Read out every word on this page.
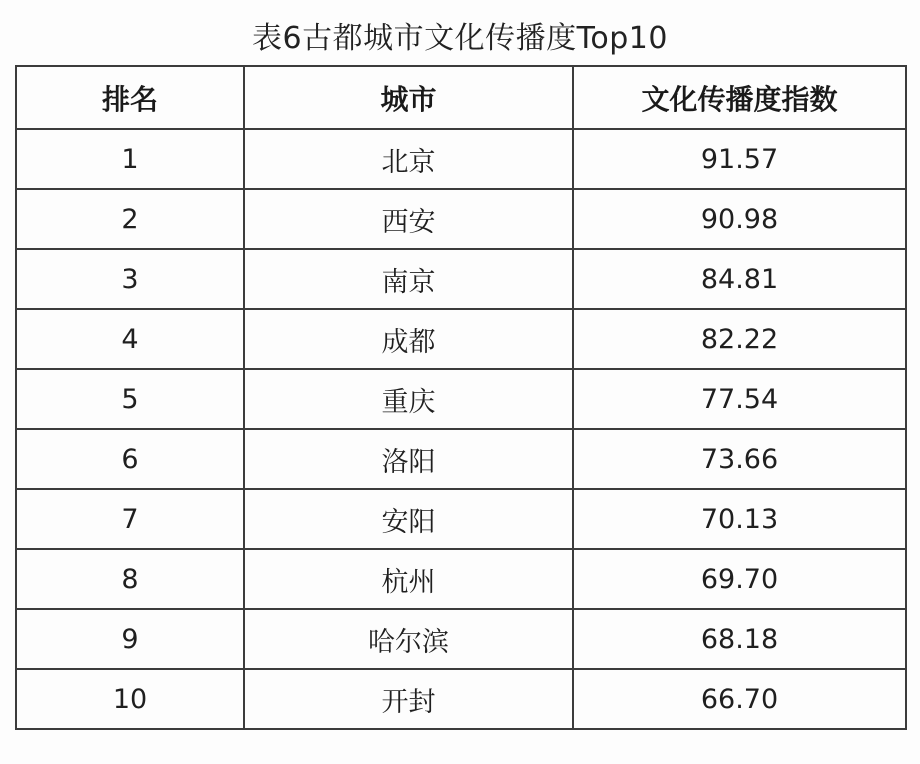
表6古都城市文化传播度Top10
排名	城市	文化传播度指数
1	北京	91.57
2	西安	90.98
3	南京	84.81
4	成都	82.22
5	重庆	77.54
6	洛阳	73.66
7	安阳	70.13
8	杭州	69.70
9	哈尔滨	68.18
10	开封	66.70
